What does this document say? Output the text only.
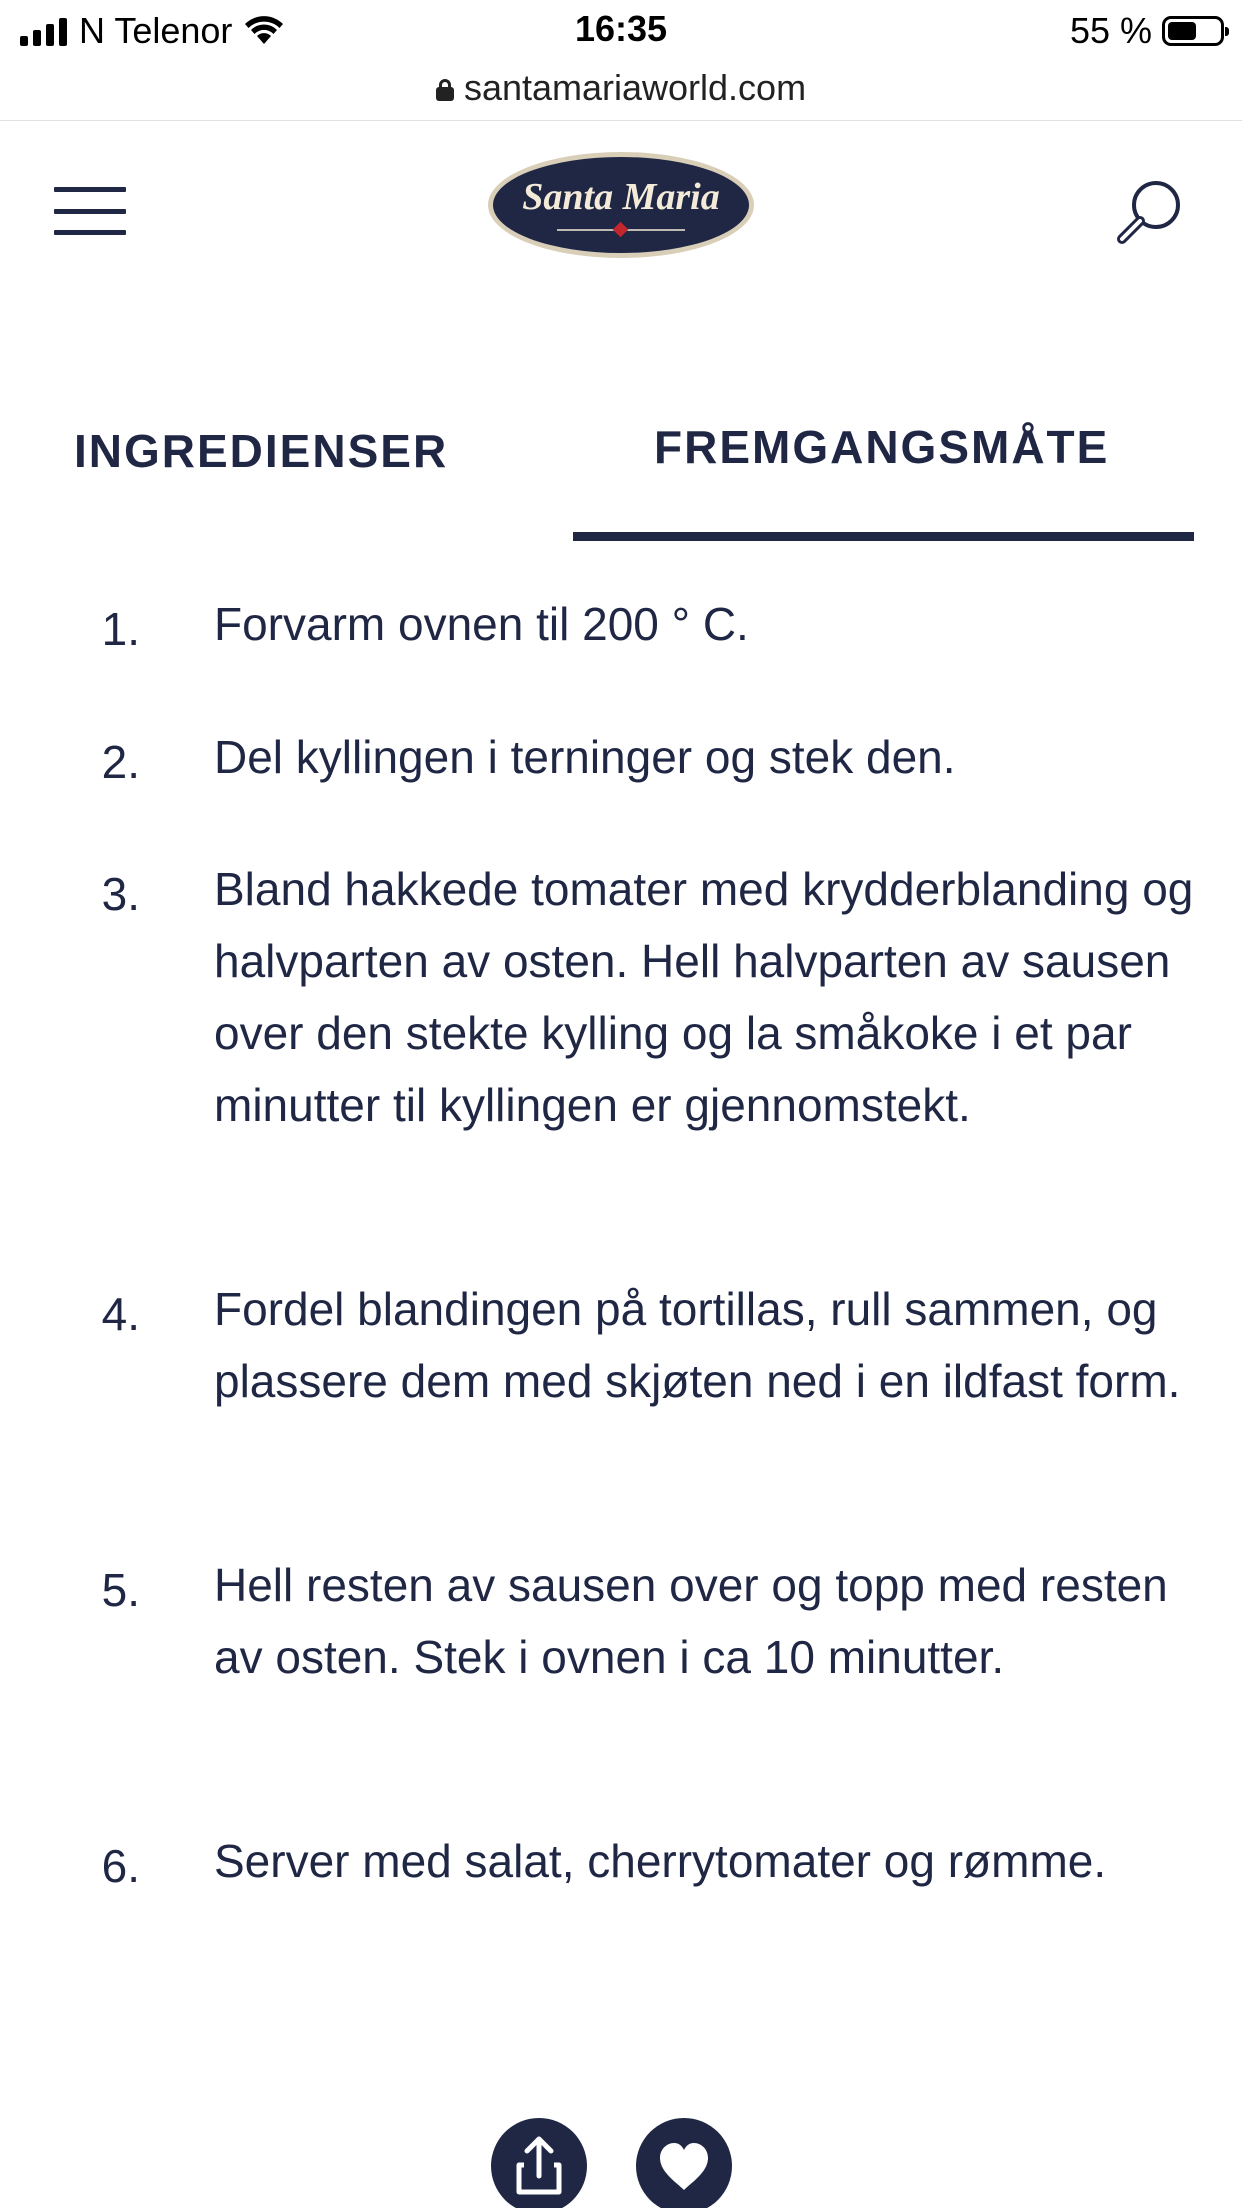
N Telenor	16:35	55 %
santamariaworld.com
Santa Maria
INGREDIENSER	FREMGANGSMÅTE
1. Forvarm ovnen til 200 ° C.
2. Del kyllingen i terninger og stek den.
3. Bland hakkede tomater med krydderblanding og halvparten av osten. Hell halvparten av sausen over den stekte kylling og la småkoke i et par minutter til kyllingen er gjennomstekt.
4. Fordel blandingen på tortillas, rull sammen, og plassere dem med skjøten ned i en ildfast form.
5. Hell resten av sausen over og topp med resten av osten. Stek i ovnen i ca 10 minutter.
6. Server med salat, cherrytomater og rømme.
